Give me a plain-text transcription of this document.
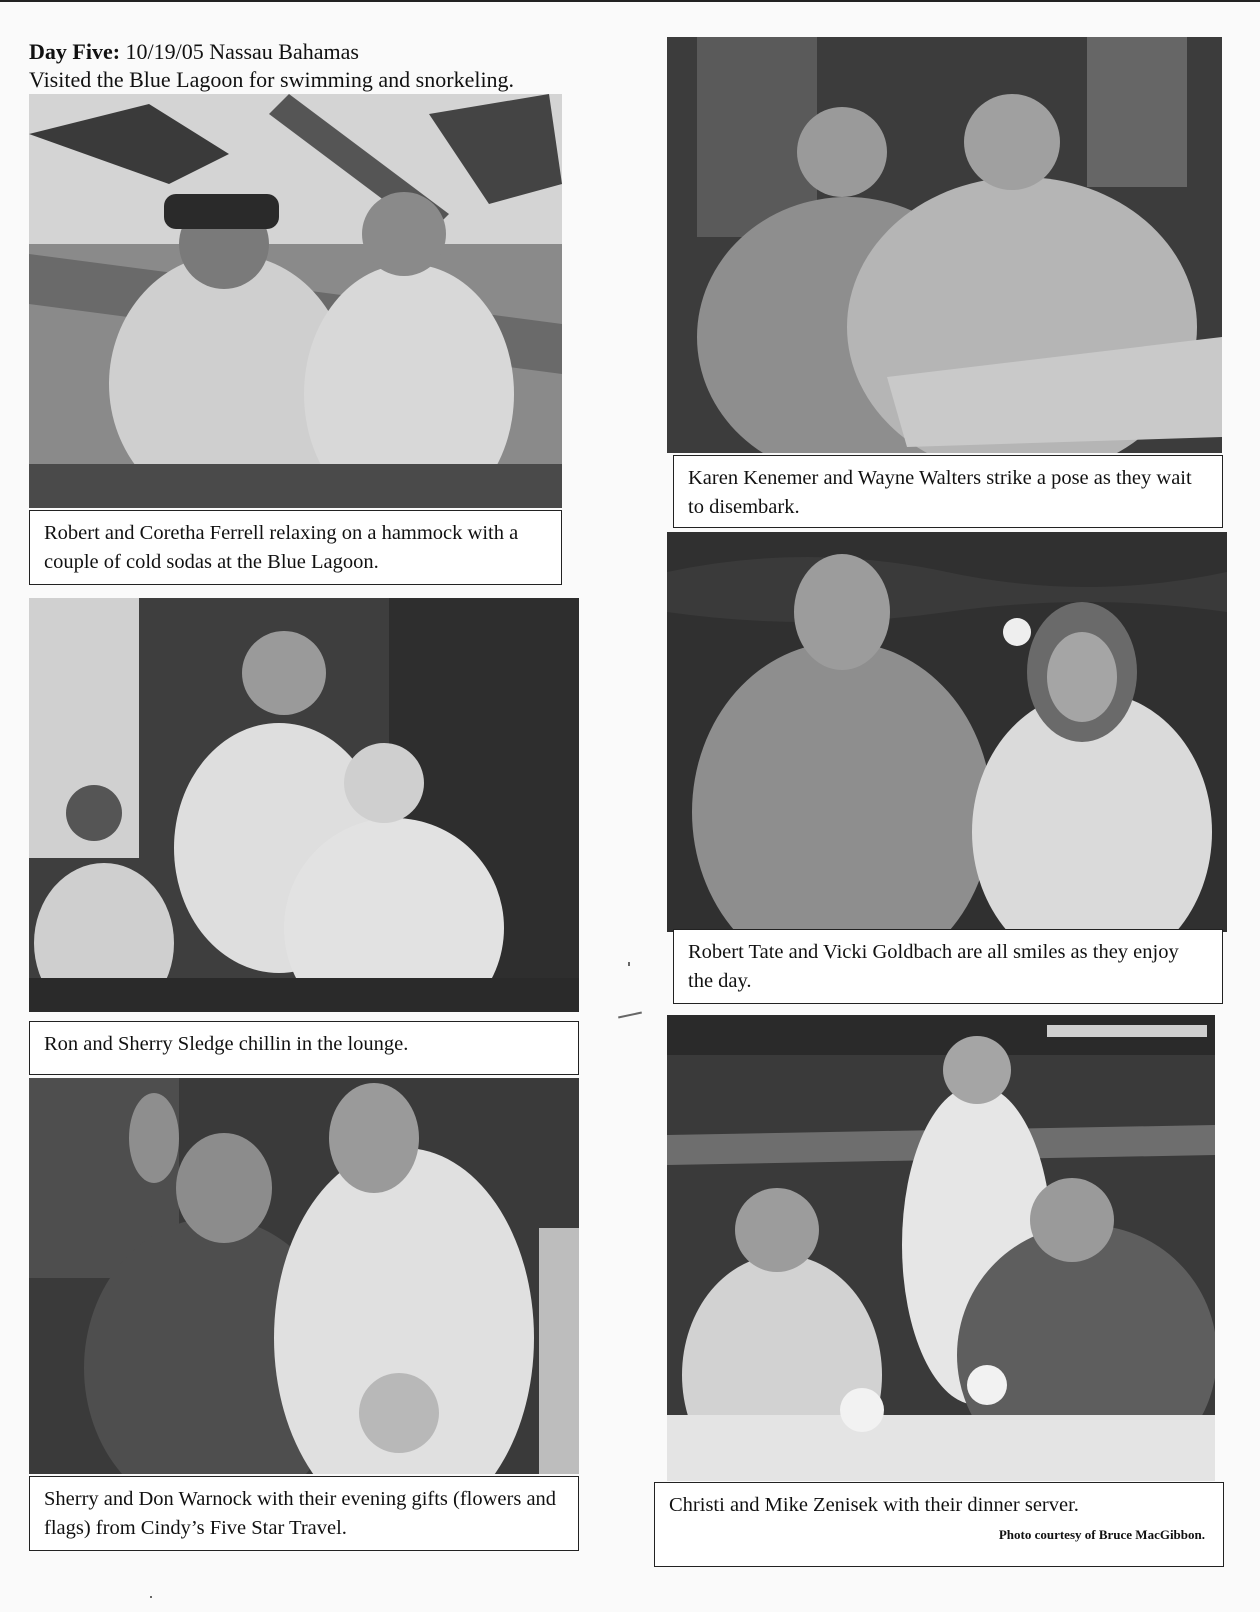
Day Five: 10/19/05 Nassau Bahamas
Visited the Blue Lagoon for swimming and snorkeling.
Robert and Coretha Ferrell relaxing on a hammock with a couple of cold sodas at the Blue Lagoon.
Karen Kenemer and Wayne Walters strike a pose as they wait to disembark.
Ron and Sherry Sledge chillin in the lounge.
Robert Tate and Vicki Goldbach are all smiles as they enjoy the day.
Sherry and Don Warnock with their evening gifts (flowers and flags) from Cindy’s Five Star Travel.
Christi and Mike Zenisek with their dinner server.
Photo courtesy of Bruce MacGibbon.
